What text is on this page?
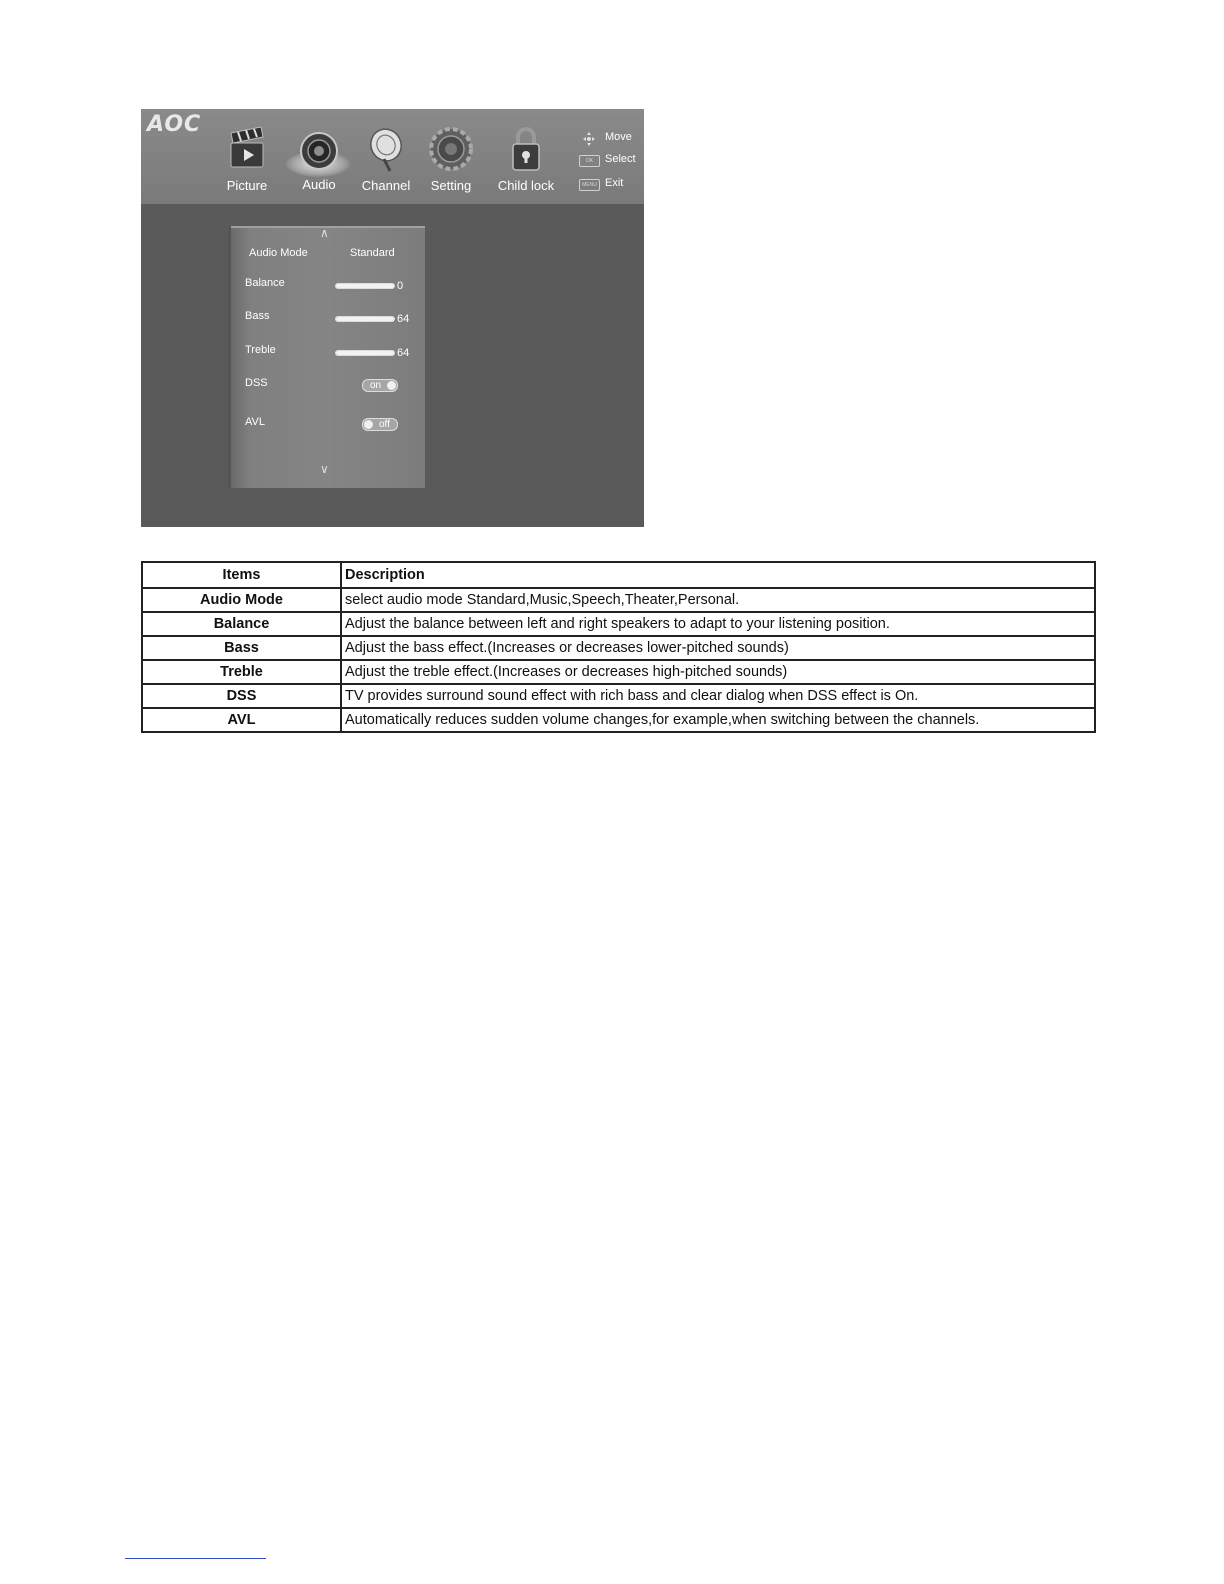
AOC
Picture	Audio	Channel	Setting	Child lock
Move
OK	Select
MENU Exit
∧
Audio Mode	Standard
Balance	0
Bass	64
Treble	64
DSS	on
AVL	off
∨
Items	Description
Audio Mode	select audio mode Standard,Music,Speech,Theater,Personal.
Balance	Adjust the balance between left and right speakers to adapt to your listening position.
Bass	Adjust the bass effect.(Increases or decreases lower-pitched sounds)
Treble	Adjust the treble effect.(Increases or decreases high-pitched sounds)
DSS	TV provides surround sound effect with rich bass and clear dialog when DSS effect is On.
AVL	Automatically reduces sudden volume changes,for example,when switching between the channels.
